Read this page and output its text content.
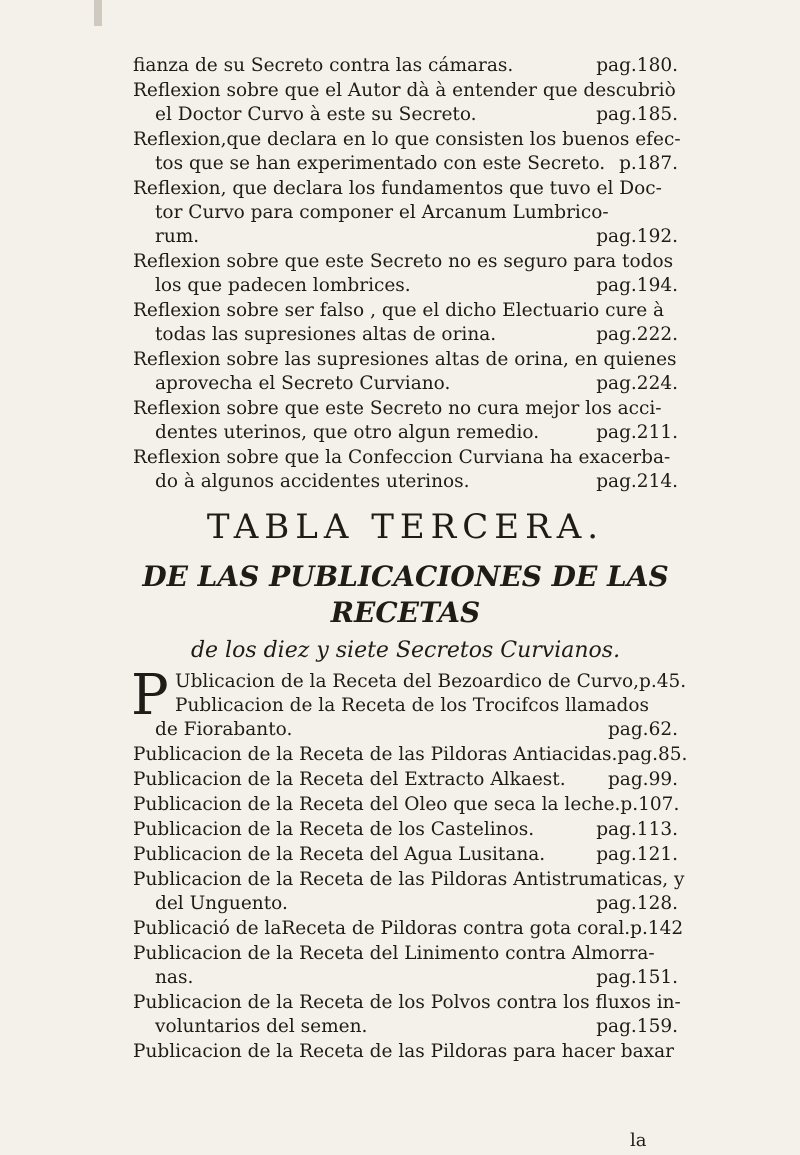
fianza de su Secreto contra las cámaras.	pag.180.
Reflexion sobre que el Autor dà à entender que descubriò
el Doctor Curvo à este su Secreto.	pag.185.
Reflexion,que declara en lo que consisten los buenos efec-
tos que se han experimentado con este Secreto. p.187.
Reflexion, que declara los fundamentos que tuvo el Doc-
tor Curvo para componer el Arcanum Lumbrico-
rum.	pag.192.
Reflexion sobre que este Secreto no es seguro para todos
los que padecen lombrices.	pag.194.
Reflexion sobre ser falso , que el dicho Electuario cure à
todas las supresiones altas de orina.	pag.222.
Reflexion sobre las supresiones altas de orina, en quienes
aprovecha el Secreto Curviano.	pag.224.
Reflexion sobre que este Secreto no cura mejor los acci-
dentes uterinos, que otro algun remedio.	pag.211.
Reflexion sobre que la Confeccion Curviana ha exacerba-
do à algunos accidentes uterinos.	pag.214.

TABLA TERCERA.

DE LAS PUBLICACIONES DE LAS RECETAS

de los diez y siete Secretos Curvianos.

P Ublicacion de la Receta del Bezoardico de Curvo,p.45.
Publicacion de la Receta de los Trocifcos llamados
de Fiorabanto.	pag.62.
Publicacion de la Receta de las Pildoras Antiacidas.pag.85.
Publicacion de la Receta del Extracto Alkaest. pag.99.
Publicacion de la Receta del Oleo que seca la leche.p.107.
Publicacion de la Receta de los Castelinos.	pag.113.
Publicacion de la Receta del Agua Lusitana.	pag.121.
Publicacion de la Receta de las Pildoras Antistrumaticas, y
del Unguento.	pag.128.
Publicació de laReceta de Pildoras contra gota coral.p.142
Publicacion de la Receta del Linimento contra Almorra-
nas.	pag.151.
Publicacion de la Receta de los Polvos contra los fluxos in-
voluntarios del semen.	pag.159.
Publicacion de la Receta de las Pildoras para hacer baxar
la
